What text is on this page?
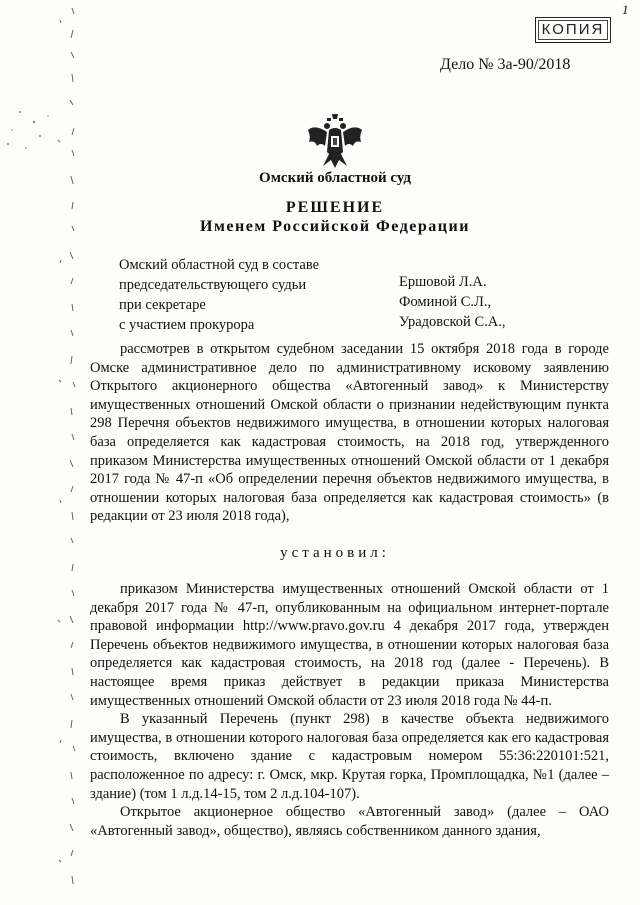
КОПИЯ
1
Дело № 3а-90/2018
Омский областной суд
РЕШЕНИЕ
Именем Российской Федерации
Омский областной суд в составе
председательствующего судьи
при секретаре
с участием прокурора
Ершовой Л.А.
Фоминой С.Л.,
Урадовской С.А.,

рассмотрев в открытом судебном заседании 15 октября 2018 года в городе Омске административное дело по административному исковому заявлению Открытого акционерного общества «Автогенный завод» к Министерству имущественных отношений Омской области о признании недействующим пункта 298 Перечня объектов недвижимого имущества, в отношении которых налоговая база определяется как кадастровая стоимость, на 2018 год, утвержденного приказом Министерства имущественных отношений Омской области от 1 декабря 2017 года № 47-п «Об определении перечня объектов недвижимого имущества, в отношении которых налоговая база определяется как кадастровая стоимость» (в редакции от 23 июля 2018 года),

установил:

приказом Министерства имущественных отношений Омской области от 1 декабря 2017 года № 47-п, опубликованным на официальном интернет-портале правовой информации http://www.pravo.gov.ru 4 декабря 2017 года, утвержден Перечень объектов недвижимого имущества, в отношении которых налоговая база определяется как кадастровая стоимость, на 2018 год (далее - Перечень). В настоящее время приказ действует в редакции приказа Министерства имущественных отношений Омской области от 23 июля 2018 года № 44-п.

В указанный Перечень (пункт 298) в качестве объекта недвижимого имущества, в отношении которого налоговая база определяется как его кадастровая стоимость, включено здание с кадастровым номером 55:36:220101:521, расположенное по адресу: г. Омск, мкр. Крутая горка, Промплощадка, №1 (далее – здание) (том 1 л.д.14-15, том 2 л.д.104-107).

Открытое акционерное общество «Автогенный завод» (далее – ОАО «Автогенный завод», общество), являясь собственником данного здания,
